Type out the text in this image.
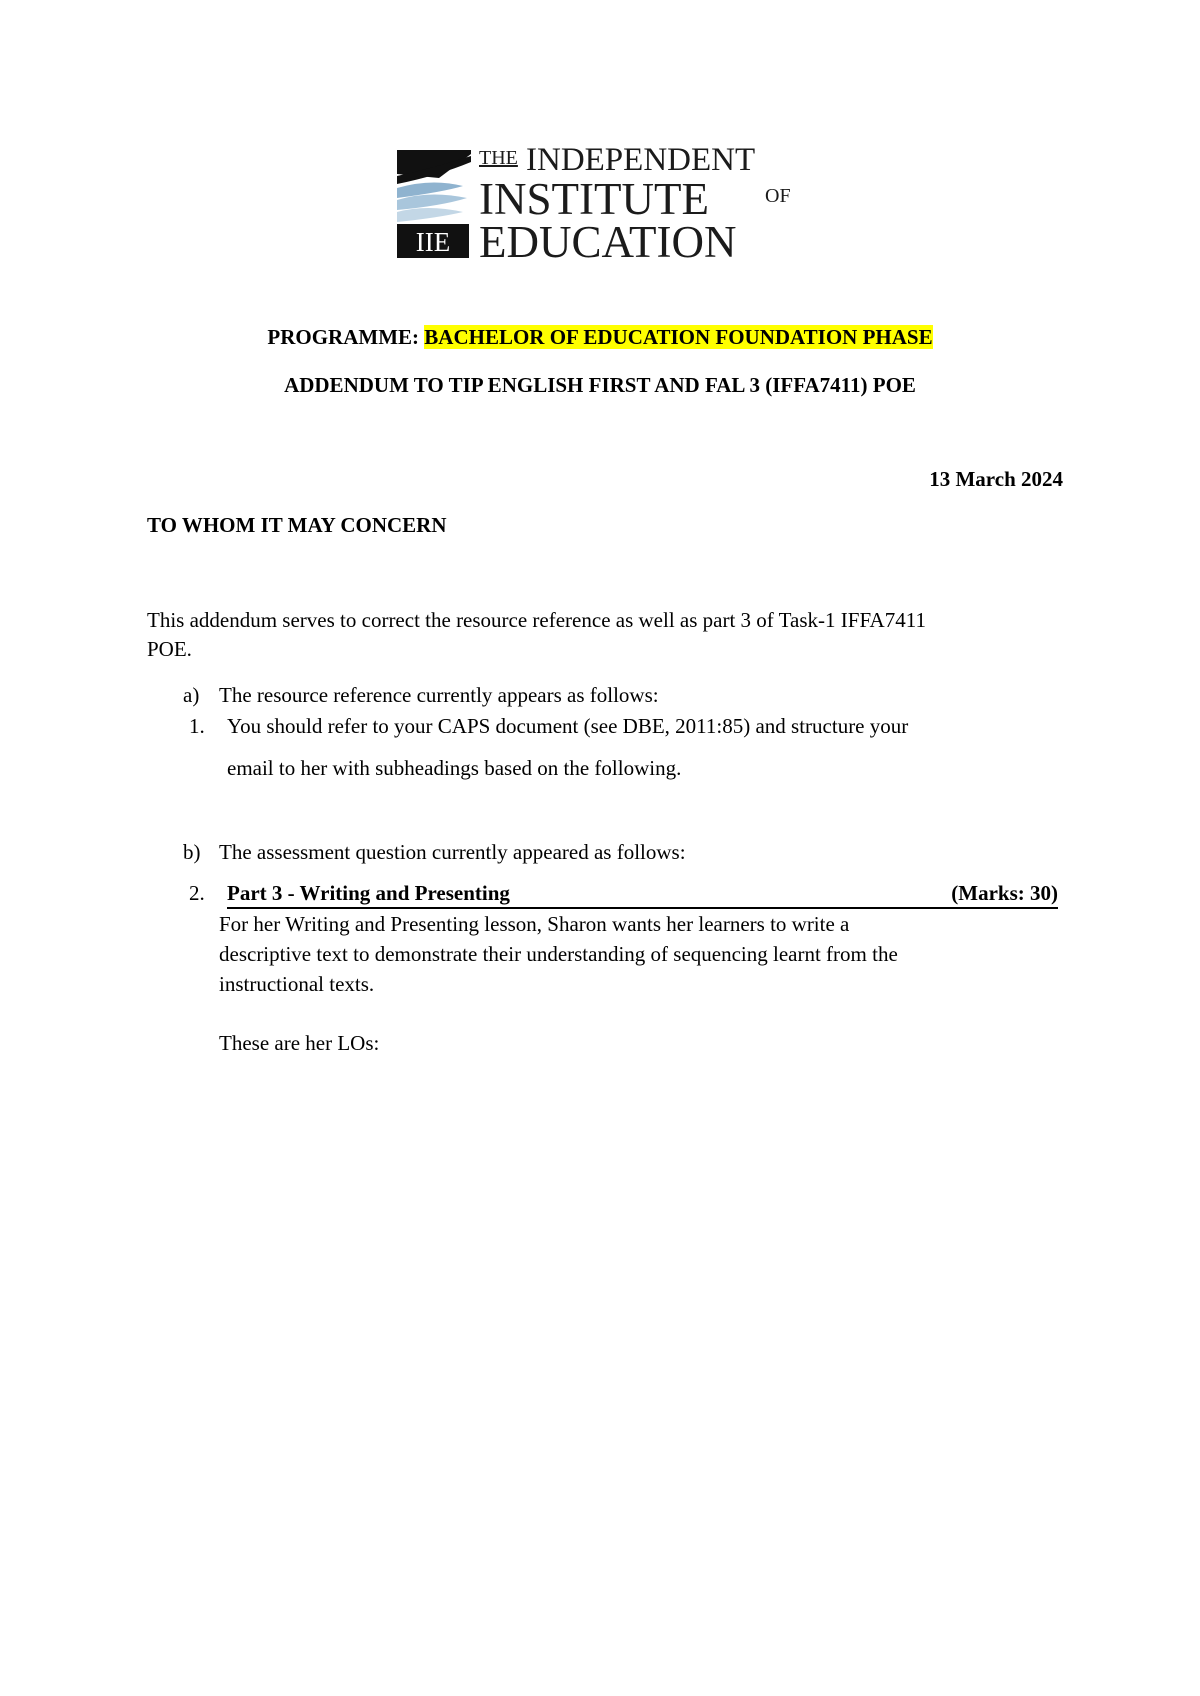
IIE
THE INDEPENDENT
INSTITUTE	OF
EDUCATION
PROGRAMME: BACHELOR OF EDUCATION FOUNDATION PHASE
ADDENDUM TO TIP ENGLISH FIRST AND FAL 3 (IFFA7411) POE
13 March 2024
TO WHOM IT MAY CONCERN
This addendum serves to correct the resource reference as well as part 3 of Task-1 IFFA7411
POE.
a) The resource reference currently appears as follows:
1. You should refer to your CAPS document (see DBE, 2011:85) and structure your
email to her with subheadings based on the following.
b) The assessment question currently appeared as follows:
2. Part 3 - Writing and Presenting	(Marks: 30)
For her Writing and Presenting lesson, Sharon wants her learners to write a
descriptive text to demonstrate their understanding of sequencing learnt from the
instructional texts.
These are her LOs:
